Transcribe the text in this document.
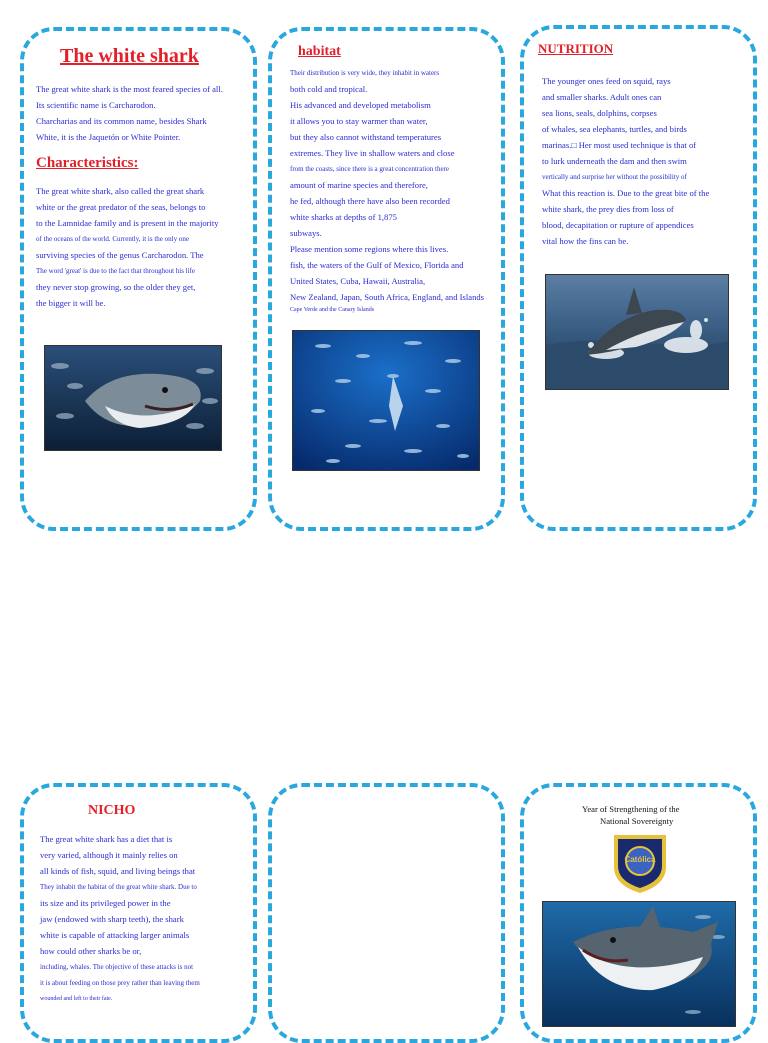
The white shark

The great white shark is the most feared species of all.

Its scientific name is Carcharodon.

Charcharias and its common name, besides Shark

White, it is the Jaquetón or White Pointer.

Characteristics:

The great white shark, also called the great shark

white or the great predator of the seas, belongs to

to the Lamnidae family and is present in the majority

of the oceans of the world. Currently, it is the only one

surviving species of the genus Carcharodon. The

The word 'great' is due to the fact that throughout his life

they never stop growing, so the older they get,

the bigger it will be.

habitat

Their distribution is very wide, they inhabit in waters

both cold and tropical.

His advanced and developed metabolism

it allows you to stay warmer than water,

but they also cannot withstand temperatures

extremes. They live in shallow waters and close

from the coasts, since there is a great concentration there

amount of marine species and therefore,

he fed, although there have also been recorded

white sharks at depths of 1,875

subways.

Please mention some regions where this lives.

fish, the waters of the Gulf of Mexico, Florida and

United States, Cuba, Hawaii, Australia,

New Zealand, Japan, South Africa, England, and Islands

Cape Verde and the Canary Islands

NUTRITION

The younger ones feed on squid, rays

and smaller sharks. Adult ones can

sea lions, seals, dolphins, corpses

of whales, sea elephants, turtles, and birds

marinas.□ Her most used technique is that of

to lurk underneath the dam and then swim

vertically and surprise her without the possibility of

What this reaction is. Due to the great bite of the

white shark, the prey dies from loss of

blood, decapitation or rupture of appendices

vital how the fins can be.

NICHO

The great white shark has a diet that is

very varied, although it mainly relies on

all kinds of fish, squid, and living beings that

They inhabit the habitat of the great white shark. Due to

its size and its privileged power in the

jaw (endowed with sharp teeth), the shark

white is capable of attacking larger animals

how could other sharks be or,

including, whales. The objective of these attacks is not

it is about feeding on those prey rather than leaving them

wounded and left to their fate.

Year of Strengthening of the

National Sovereignty

Católica
